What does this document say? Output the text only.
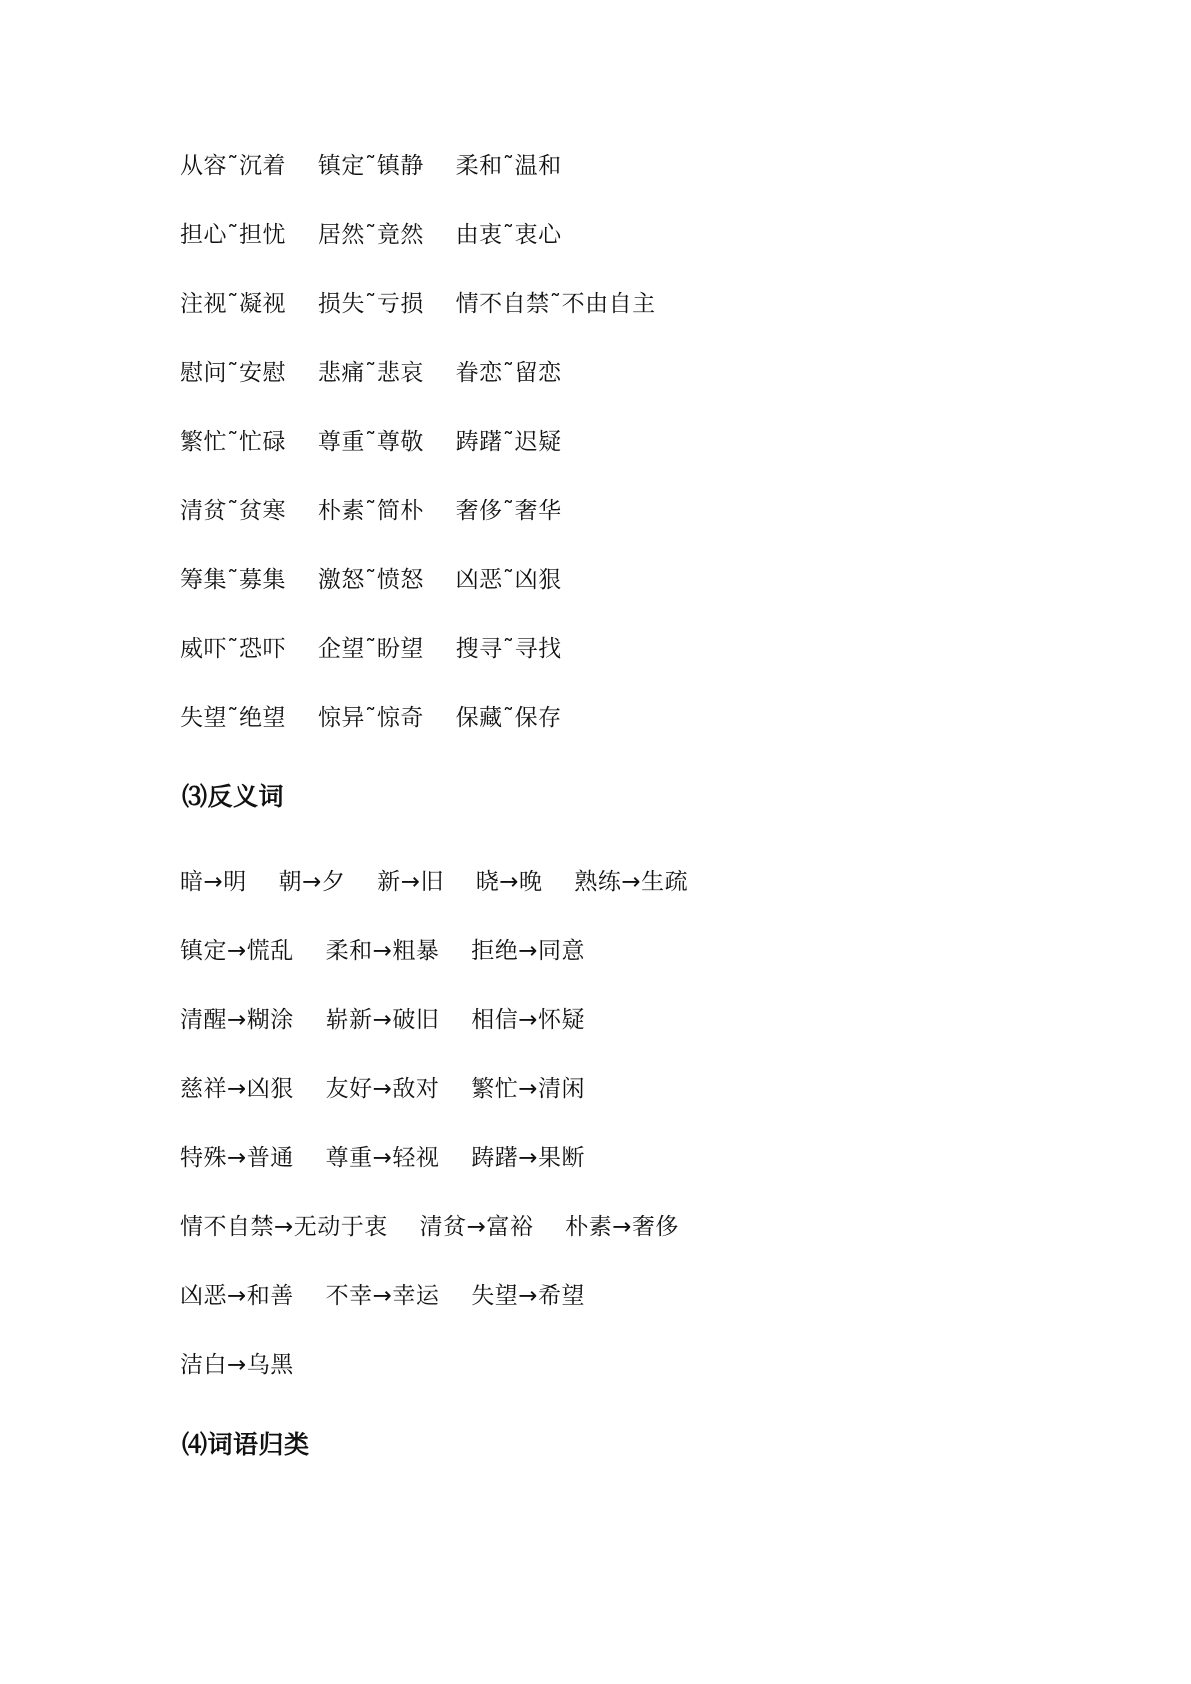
从容˜沉着 镇定˜镇静 柔和˜温和
担心˜担忧 居然˜竟然 由衷˜衷心
注视˜凝视 损失˜亏损 情不自禁˜不由自主
慰问˜安慰 悲痛˜悲哀 眷恋˜留恋
繁忙˜忙碌 尊重˜尊敬 踌躇˜迟疑
清贫˜贫寒 朴素˜简朴 奢侈˜奢华
筹集˜募集 激怒˜愤怒 凶恶˜凶狠
威吓˜恐吓 企望˜盼望 搜寻˜寻找
失望˜绝望 惊异˜惊奇 保藏˜保存
⑶反义词
暗→明 朝→夕 新→旧 晓→晚 熟练→生疏
镇定→慌乱 柔和→粗暴 拒绝→同意
清醒→糊涂 崭新→破旧 相信→怀疑
慈祥→凶狠 友好→敌对 繁忙→清闲
特殊→普通 尊重→轻视 踌躇→果断
情不自禁→无动于衷 清贫→富裕 朴素→奢侈
凶恶→和善 不幸→幸运 失望→希望
洁白→乌黑
⑷词语归类
